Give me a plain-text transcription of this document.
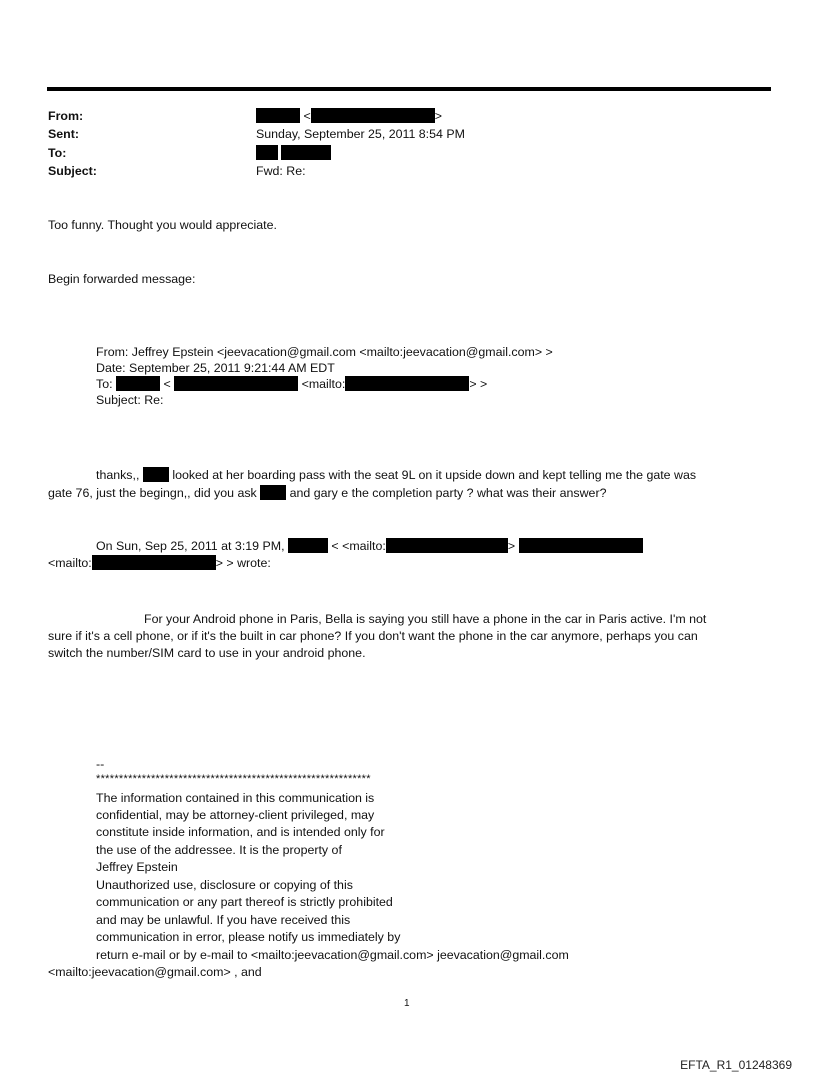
From:	<	>
Sent:	Sunday, September 25, 2011 8:54 PM
To:

Subject:	Fwd: Re:
Too funny. Thought you would appreciate.
Begin forwarded message:
From: Jeffrey Epstein <jeevacation@gmail.com <mailto:jeevacation@gmail.com> >
Date: September 25, 2011 9:21:44 AM EDT
To:	<	<mailto:	> >
Subject: Re:
thanks,,	looked at her boarding pass with the seat 9L on it upside down and kept telling me the gate was
gate 76, just the begingn,, did you ask	and gary e the completion party ? what was their answer?
On Sun, Sep 25, 2011 at 3:19 PM,	< <mailto:	>
<mailto:	> > wrote:
For your Android phone in Paris, Bella is saying you still have a phone in the car in Paris active. I'm not
sure if it's a cell phone, or if it's the built in car phone? If you don't want the phone in the car anymore, perhaps you can
switch the number/SIM card to use in your android phone.
--
************************************************************
The information contained in this communication is
confidential, may be attorney-client privileged, may
constitute inside information, and is intended only for
the use of the addressee. It is the property of
Jeffrey Epstein
Unauthorized use, disclosure or copying of this
communication or any part thereof is strictly prohibited
and may be unlawful. If you have received this
communication in error, please notify us immediately by
return e-mail or by e-mail to <mailto:jeevacation@gmail.com> jeevacation@gmail.com
<mailto:jeevacation@gmail.com> , and
1
EFTA_R1_01248369
